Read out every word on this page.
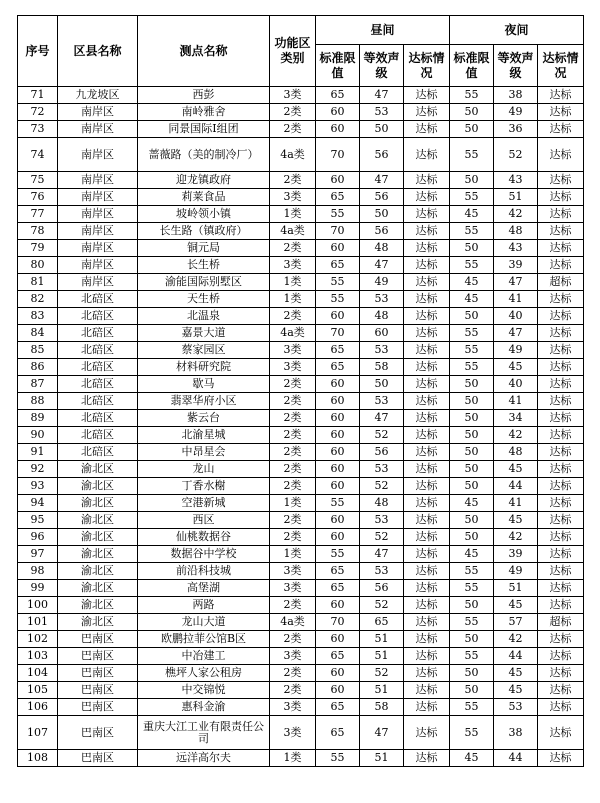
序号	区县名称	测点名称	功能区类别	昼间			夜间		
				标准限值	等效声级	达标情况	标准限值	等效声级	达标情况
71	九龙坡区	西彭	3类	65	47	达标	55	38	达标
72	南岸区	南岭雅舍	2类	60	53	达标	50	49	达标
73	南岸区	同景国际Ⅰ组团	2类	60	50	达标	50	36	达标
74	南岸区	蔷薇路（美的制冷厂）	4a类	70	56	达标	55	52	达标
75	南岸区	迎龙镇政府	2类	60	47	达标	50	43	达标
76	南岸区	莉莱食品	3类	65	56	达标	55	51	达标
77	南岸区	坡岭领小镇	1类	55	50	达标	45	42	达标
78	南岸区	长生路（镇政府）	4a类	70	56	达标	55	48	达标
79	南岸区	铜元局	2类	60	48	达标	50	43	达标
80	南岸区	长生桥	3类	65	47	达标	55	39	达标
81	南岸区	渝能国际别墅区	1类	55	49	达标	45	47	超标
82	北碚区	天生桥	1类	55	53	达标	45	41	达标
83	北碚区	北温泉	2类	60	48	达标	50	40	达标
84	北碚区	嘉景大道	4a类	70	60	达标	55	47	达标
85	北碚区	蔡家园区	3类	65	53	达标	55	49	达标
86	北碚区	材料研究院	3类	65	58	达标	55	45	达标
87	北碚区	歇马	2类	60	50	达标	50	40	达标
88	北碚区	翡翠华府小区	2类	60	53	达标	50	41	达标
89	北碚区	紫云台	2类	60	47	达标	50	34	达标
90	北碚区	北渝星城	2类	60	52	达标	50	42	达标
91	北碚区	中昂星会	2类	60	56	达标	50	48	达标
92	渝北区	龙山	2类	60	53	达标	50	45	达标
93	渝北区	丁香水榭	2类	60	52	达标	50	44	达标
94	渝北区	空港新城	1类	55	48	达标	45	41	达标
95	渝北区	西区	2类	60	53	达标	50	45	达标
96	渝北区	仙桃数据谷	2类	60	52	达标	50	42	达标
97	渝北区	数据谷中学校	1类	55	47	达标	45	39	达标
98	渝北区	前沿科技城	3类	65	53	达标	55	49	达标
99	渝北区	高堡湖	3类	65	56	达标	55	51	达标
100	渝北区	两路	2类	60	52	达标	50	45	达标
101	渝北区	龙山大道	4a类	70	65	达标	55	57	超标
102	巴南区	欧鹏拉菲公馆B区	2类	60	51	达标	50	42	达标
103	巴南区	中冶建工	3类	65	51	达标	55	44	达标
104	巴南区	樵坪人家公租房	2类	60	52	达标	50	45	达标
105	巴南区	中交锦悦	2类	60	51	达标	50	45	达标
106	巴南区	惠科金渝	3类	65	58	达标	55	53	达标
107	巴南区	重庆大江工业有限责任公司	3类	65	47	达标	55	38	达标
108	巴南区	远洋高尔夫	1类	55	51	达标	45	44	达标
